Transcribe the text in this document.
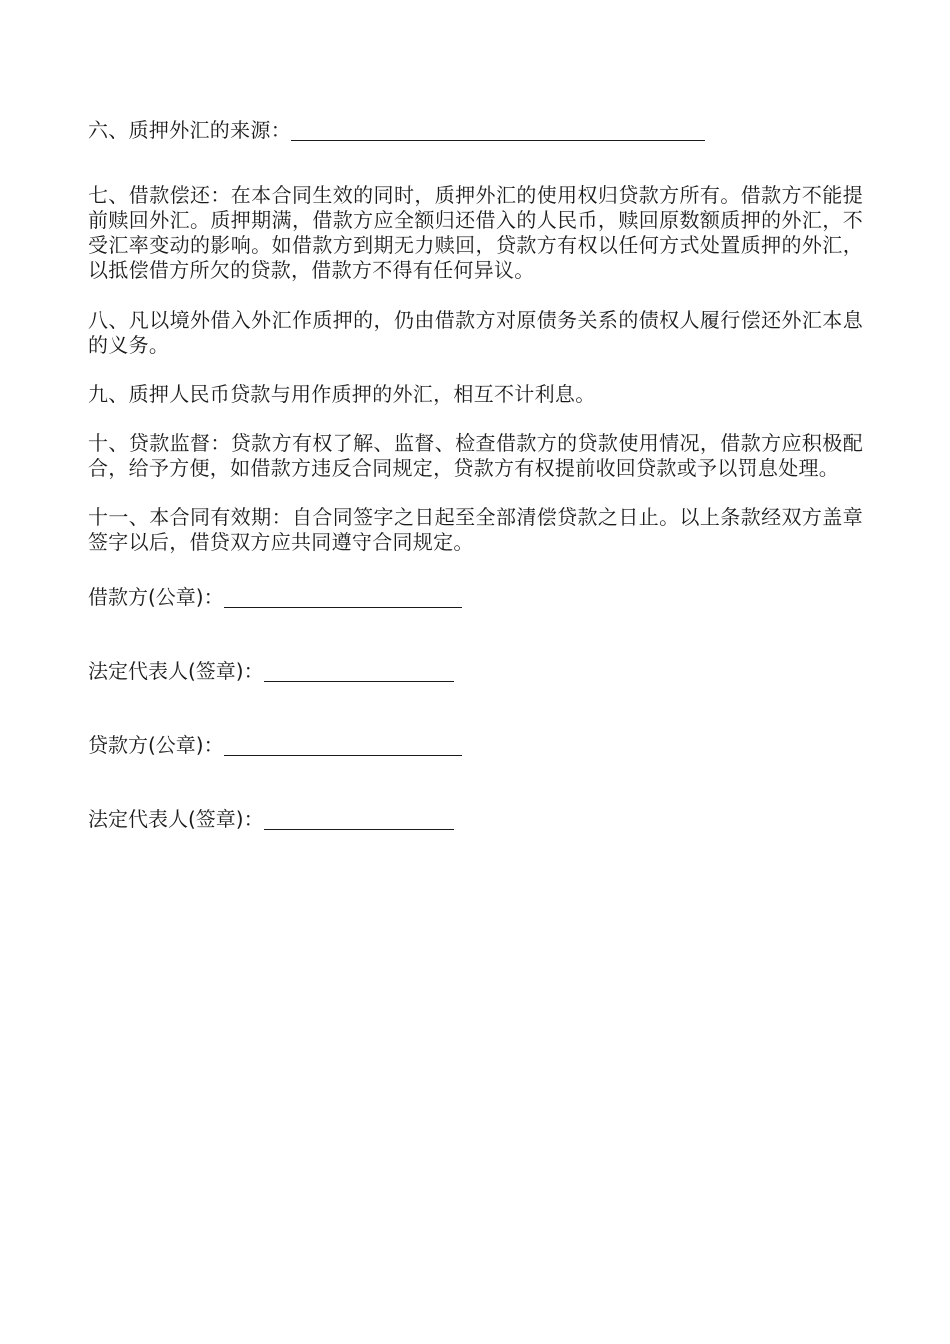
六、质押外汇的来源：

七、借款偿还：在本合同生效的同时，质押外汇的使用权归贷款方所有。借款方不能提前赎回外汇。质押期满，借款方应全额归还借入的人民币，赎回原数额质押的外汇，不受汇率变动的影响。如借款方到期无力赎回，贷款方有权以任何方式处置质押的外汇，以抵偿借方所欠的贷款，借款方不得有任何异议。

八、凡以境外借入外汇作质押的，仍由借款方对原债务关系的债权人履行偿还外汇本息的义务。

九、质押人民币贷款与用作质押的外汇，相互不计利息。

十、贷款监督：贷款方有权了解、监督、检查借款方的贷款使用情况，借款方应积极配合，给予方便，如借款方违反合同规定，贷款方有权提前收回贷款或予以罚息处理。

十一、本合同有效期：自合同签字之日起至全部清偿贷款之日止。以上条款经双方盖章签字以后，借贷双方应共同遵守合同规定。

借款方(公章)：

法定代表人(签章)：

贷款方(公章)：

法定代表人(签章)：
